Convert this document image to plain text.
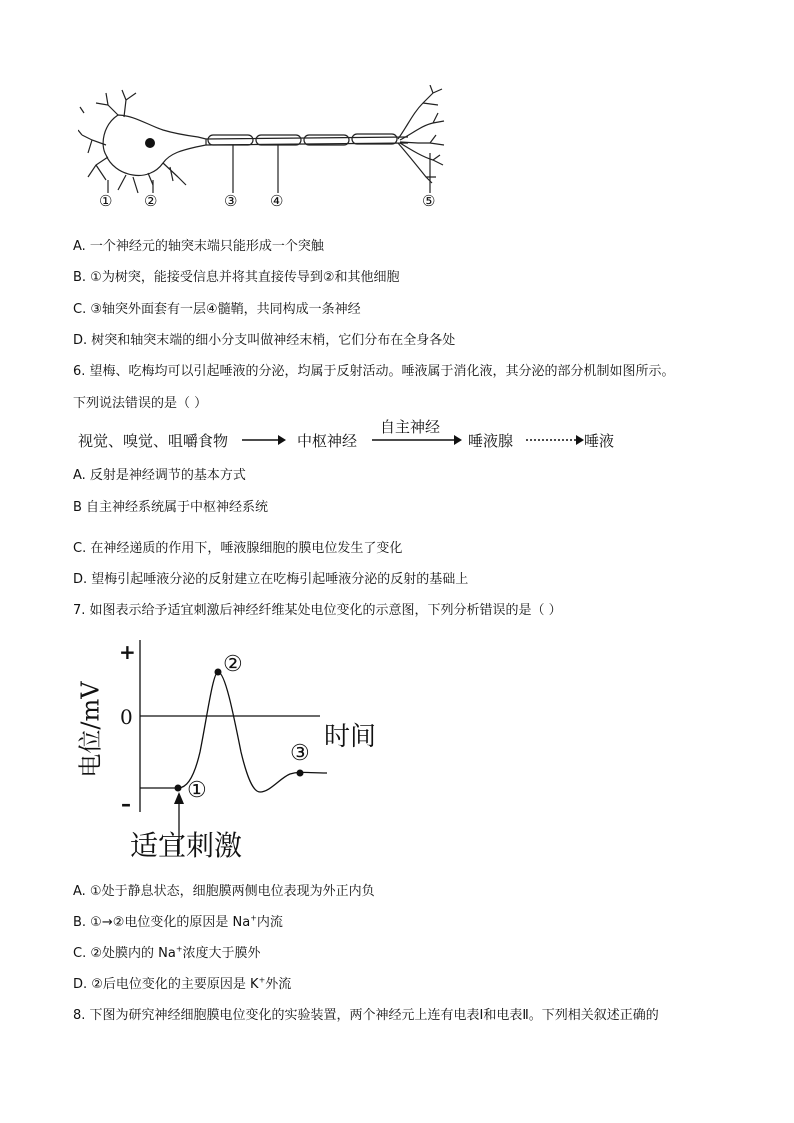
① ②	③ ④	⑤
A. 一个神经元的轴突末端只能形成一个突触
B. ①为树突，能接受信息并将其直接传导到②和其他细胞
C. ③轴突外面套有一层④髓鞘，共同构成一条神经
D. 树突和轴突末端的细小分支叫做神经末梢，它们分布在全身各处
6. 望梅、吃梅均可以引起唾液的分泌，均属于反射活动。唾液属于消化液，其分泌的部分机制如图所示。
下列说法错误的是（ ）
视觉、嗅觉、咀嚼食物	中枢神经
自主神经
唾液腺	唾液
A. 反射是神经调节的基本方式
B 自主神经系统属于中枢神经系统
C. 在神经递质的作用下，唾液腺细胞的膜电位发生了变化
D. 望梅引起唾液分泌的反射建立在吃梅引起唾液分泌的反射的基础上
7. 如图表示给予适宜刺激后神经纤维某处电位变化的示意图，下列分析错误的是（ ）
电位/mV
+
0
–
时间
①
②
③
适宜刺激
A. ①处于静息状态，细胞膜两侧电位表现为外正内负
B. ①→②电位变化的原因是 Na+内流
C. ②处膜内的 Na+浓度大于膜外
D. ②后电位变化的主要原因是 K+外流
8. 下图为研究神经细胞膜电位变化的实验装置，两个神经元上连有电表Ⅰ和电表Ⅱ。下列相关叙述正确的
